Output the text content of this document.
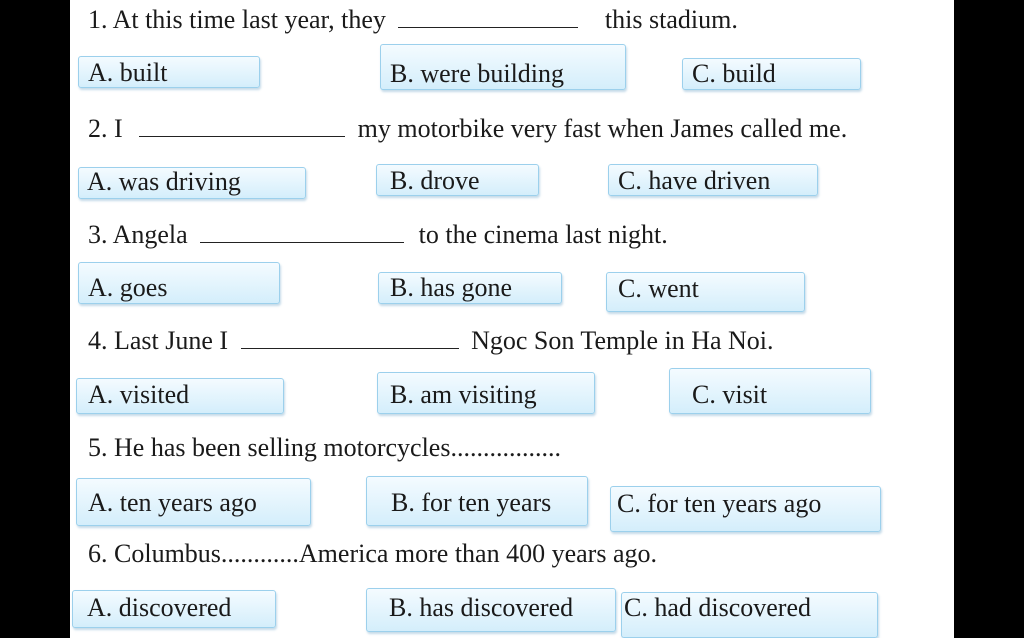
1. At this time last year, they	this stadium.
A. built	B. were building	C. build
2. I	my motorbike very fast when James called me.
A. was driving	B. drove	C. have driven
3. Angela	to the cinema last night.
A. goes	B. has gone	C. went
4. Last June I	Ngoc Son Temple in Ha Noi.
A. visited	B. am visiting	C. visit
5. He has been selling motorcycles.................
A. ten years ago	B. for ten years	C. for ten years ago
6. Columbus............America more than 400 years ago.
A. discovered	B. has discovered	C. had discovered
